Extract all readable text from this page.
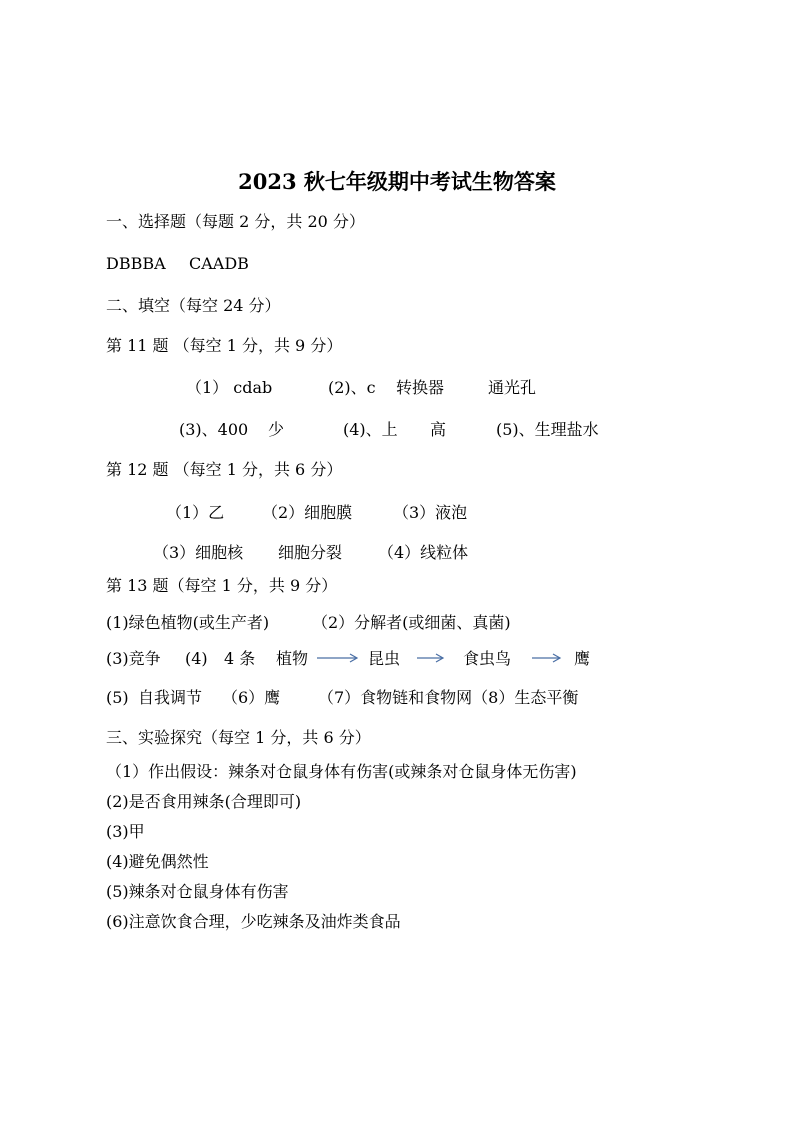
2023 秋七年级期中考试生物答案
一、选择题（每题 2 分，共 20 分）
DBBBA CAADB
二、填空（每空 24 分）
第 11 题 （每空 1 分，共 9 分）
（1） cdab	(2)、c 转换器	通光孔
(3)、400 少	(4)、上 高	(5)、生理盐水
第 12 题 （每空 1 分，共 6 分）
（1）乙 （2）细胞膜	（3）液泡
（3）细胞核 细胞分裂 （4）线粒体
第 13 题（每空 1 分，共 9 分）
(1)绿色植物(或生产者)	（2）分解者(或细菌、真菌)
(3)竞争 (4) 4 条 植物	昆虫	食虫鸟	鹰
(5) 自我调节 （6）鹰 （7）食物链和食物网（8）生态平衡
三、实验探究（每空 1 分，共 6 分）
（1）作出假设：辣条对仓鼠身体有伤害(或辣条对仓鼠身体无伤害)
(2)是否食用辣条(合理即可)
(3)甲
(4)避免偶然性
(5)辣条对仓鼠身体有伤害
(6)注意饮食合理，少吃辣条及油炸类食品
